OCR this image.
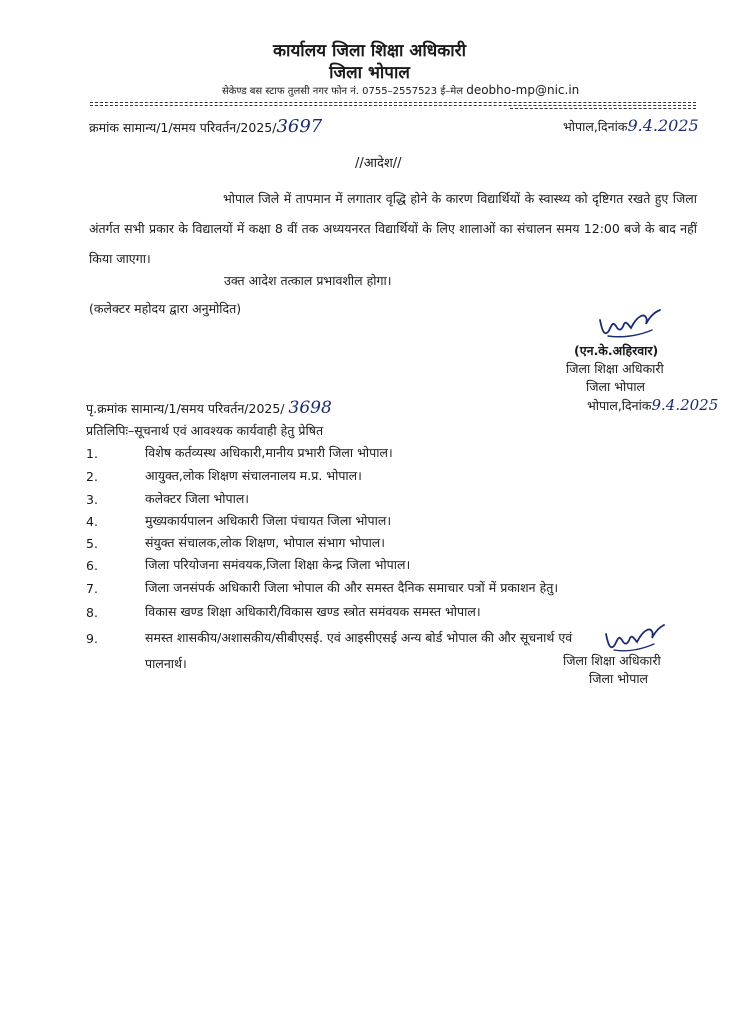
कार्यालय जिला शिक्षा अधिकारी
जिला भोपाल
सेकेण्ड बस स्टाफ तुलसी नगर फोन नं. 0755–2557523 ई–मेल deobho-mp@nic.in
क्रमांक सामान्य/1/समय परिवर्तन/2025/3697	भोपाल,दिनांक9.4.2025
//आदेश//
भोपाल जिले में तापमान में लगातार वृद्धि होने के कारण विद्यार्थियों के स्वास्थ्य को दृष्टिगत रखते हुए जिला अंतर्गत सभी प्रकार के विद्यालयों में कक्षा 8 वीं तक अध्ययनरत विद्यार्थियों के लिए शालाओं का संचालन समय 12:00 बजे के बाद नहीं किया जाएगा।
उक्त आदेश तत्काल प्रभावशील होगा।
(कलेक्टर महोदय द्वारा अनुमोदित)
(एन.के.अहिरवार)
जिला शिक्षा अधिकारी
जिला भोपाल
पृ.क्रमांक सामान्य/1/समय परिवर्तन/2025/ 3698	भोपाल,दिनांक9.4.2025
प्रतिलिपिः–सूचनार्थ एवं आवश्यक कार्यवाही हेतु प्रेषित
1.	विशेष कर्तव्यस्थ अधिकारी,मानीय प्रभारी जिला भोपाल।
2.	आयुक्त,लोक शिक्षण संचालनालय म.प्र. भोपाल।
3.	कलेक्टर जिला भोपाल।
4.	मुख्यकार्यपालन अधिकारी जिला पंचायत जिला भोपाल।
5.	संयुक्त संचालक,लोक शिक्षण, भोपाल संभाग भोपाल।
6.	जिला परियोजना समंवयक,जिला शिक्षा केन्द्र जिला भोपाल।
7.	जिला जनसंपर्क अधिकारी जिला भोपाल की और समस्त दैनिक समाचार पत्रों में प्रकाशन हेतु।
8.	विकास खण्ड शिक्षा अधिकारी/विकास खण्ड स्त्रोत समंवयक समस्त भोपाल।
9.	समस्त शासकीय/अशासकीय/सीबीएसई. एवं आइसीएसई अन्य बोर्ड भोपाल की और सूचनार्थ एवं
पालनार्थ।	जिला शिक्षा अधिकारी
जिला भोपाल
